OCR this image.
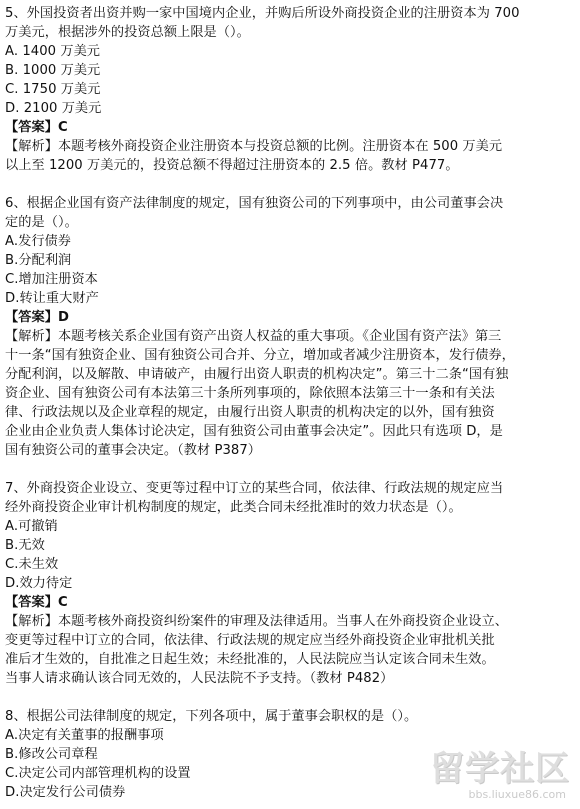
5、外国投资者出资并购一家中国境内企业，并购后所设外商投资企业的注册资本为 700
万美元，根据涉外的投资总额上限是（）。
A. 1400 万美元
B. 1000 万美元
C. 1750 万美元
D. 2100 万美元
【答案】C
【解析】本题考核外商投资企业注册资本与投资总额的比例。注册资本在 500 万美元
以上至 1200 万美元的，投资总额不得超过注册资本的 2.5 倍。教材 P477。
6、根据企业国有资产法律制度的规定，国有独资公司的下列事项中，由公司董事会决
定的是（）。
A.发行债券
B.分配利润
C.增加注册资本
D.转让重大财产
【答案】D
【解析】本题考核关系企业国有资产出资人权益的重大事项。《企业国有资产法》第三
十一条“国有独资企业、国有独资公司合并、分立，增加或者减少注册资本，发行债券，
分配利润，以及解散、申请破产，由履行出资人职责的机构决定”。第三十二条“国有独
资企业、国有独资公司有本法第三十条所列事项的，除依照本法第三十一条和有关法
律、行政法规以及企业章程的规定，由履行出资人职责的机构决定的以外，国有独资
企业由企业负责人集体讨论决定，国有独资公司由董事会决定”。因此只有选项 D，是
国有独资公司的董事会决定。（教材 P387）
7、外商投资企业设立、变更等过程中订立的某些合同，依法律、行政法规的规定应当
经外商投资企业审计机构制度的规定，此类合同未经批准时的效力状态是（）。
A.可撤销
B.无效
C.未生效
D.效力待定
【答案】C
【解析】本题考核外商投资纠纷案件的审理及法律适用。当事人在外商投资企业设立、
变更等过程中订立的合同，依法律、行政法规的规定应当经外商投资企业审批机关批
准后才生效的，自批准之日起生效；未经批准的，人民法院应当认定该合同未生效。
当事人请求确认该合同无效的，人民法院不予支持。（教材 P482）
8、根据公司法律制度的规定，下列各项中，属于董事会职权的是（）。
A.决定有关董事的报酬事项
B.修改公司章程
C.决定公司内部管理机构的设置
D.决定发行公司债券
留学社区
bbs.liuxue86.com
